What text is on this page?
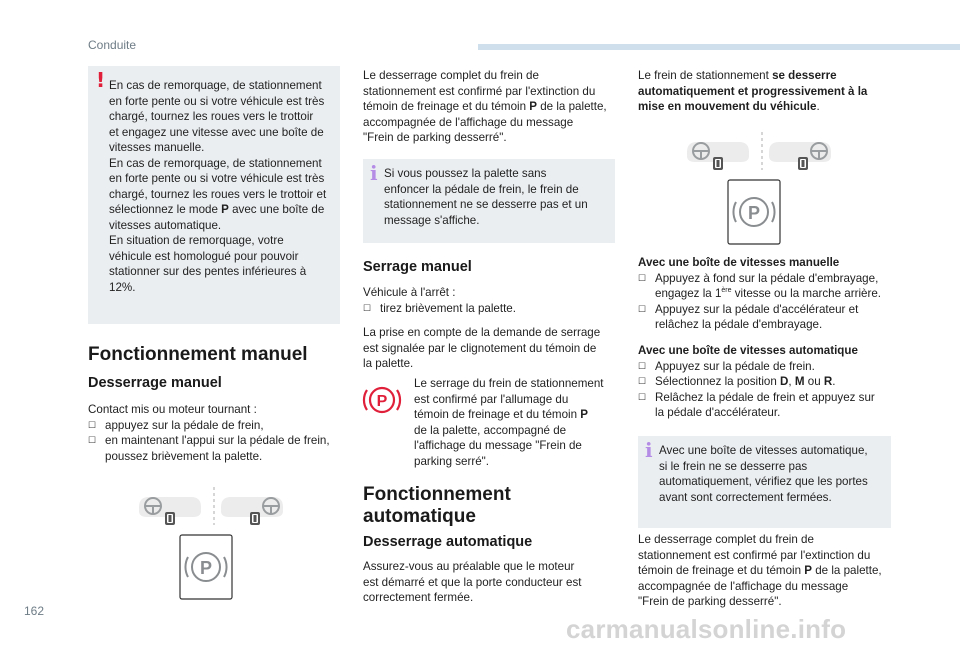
Conduite
! En cas de remorquage, de stationnement

en forte pente ou si votre véhicule est très

chargé, tournez les roues vers le trottoir

et engagez une vitesse avec une boîte de

vitesses manuelle.

En cas de remorquage, de stationnement

en forte pente ou si votre véhicule est très

chargé, tournez les roues vers le trottoir et

sélectionnez le mode P avec une boîte de

vitesses automatique.

En situation de remorquage, votre

véhicule est homologué pour pouvoir

stationner sur des pentes inférieures à

12%.

Fonctionnement manuel
Desserrage manuel

Contact mis ou moteur tournant :

☐ appuyez sur la pédale de frein,

☐ en maintenant l'appui sur la pédale de frein,

poussez brièvement la palette.

P

Le desserrage complet du frein de

stationnement est confirmé par l'extinction du

témoin de freinage et du témoin P de la palette,

accompagnée de l'affichage du message

"Frein de parking desserré".

i Si vous poussez la palette sans

enfoncer la pédale de frein, le frein de

stationnement ne se desserre pas et un

message s'affiche.

Serrage manuel

Véhicule à l'arrêt :

☐ tirez brièvement la palette.

La prise en compte de la demande de serrage

est signalée par le clignotement du témoin de

la palette.

P

Le serrage du frein de stationnement

est confirmé par l'allumage du

témoin de freinage et du témoin P

de la palette, accompagné de

l'affichage du message "Frein de

parking serré".

Fonctionnement
automatique
Desserrage automatique

Assurez-vous au préalable que le moteur

est démarré et que la porte conducteur est

correctement fermée.

Le frein de stationnement se desserre

automatiquement et progressivement à la

mise en mouvement du véhicule.

P

Avec une boîte de vitesses manuelle

☐ Appuyez à fond sur la pédale d'embrayage,

engagez la 1ère vitesse ou la marche arrière.

☐ Appuyez sur la pédale d'accélérateur et

relâchez la pédale d'embrayage.

Avec une boîte de vitesses automatique

☐ Appuyez sur la pédale de frein.

☐ Sélectionnez la position D, M ou R.

☐ Relâchez la pédale de frein et appuyez sur

la pédale d'accélérateur.

i Avec une boîte de vitesses automatique,

si le frein ne se desserre pas

automatiquement, vérifiez que les portes

avant sont correctement fermées.

Le desserrage complet du frein de

stationnement est confirmé par l'extinction du

témoin de freinage et du témoin P de la palette,

accompagnée de l'affichage du message

"Frein de parking desserré".

162
carmanualsonline.info
